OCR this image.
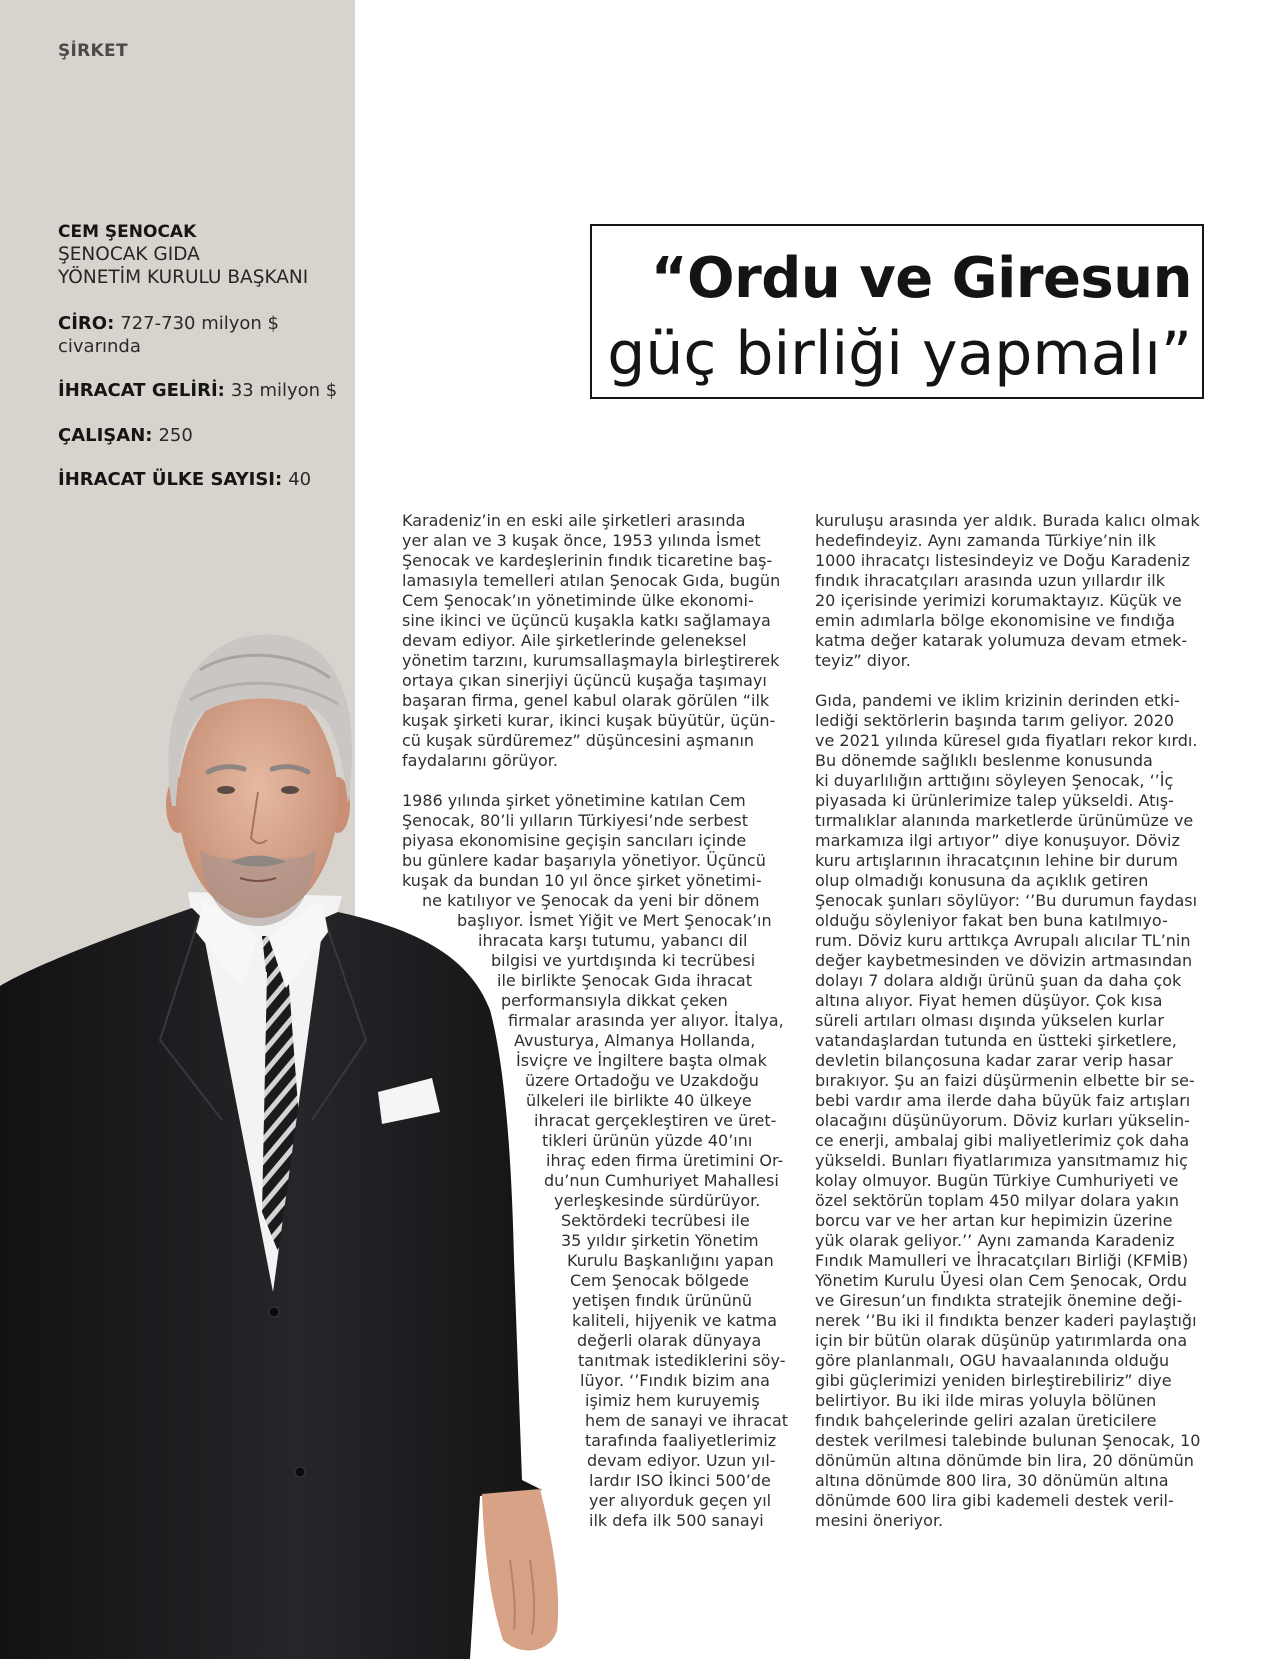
ŞİRKET
CEM ŞENOCAK
ŞENOCAK GIDA
YÖNETİM KURULU BAŞKANI
CİRO: 727-730 milyon $
civarında
İHRACAT GELİRİ: 33 milyon $
ÇALIŞAN: 250
İHRACAT ÜLKE SAYISI: 40
“Ordu ve Giresun
güç birliği yapmalı”
Karadeniz’in en eski aile şirketleri arasında
yer alan ve 3 kuşak önce, 1953 yılında İsmet
Şenocak ve kardeşlerinin fındık ticaretine baş-
lamasıyla temelleri atılan Şenocak Gıda, bugün
Cem Şenocak’ın yönetiminde ülke ekonomi-
sine ikinci ve üçüncü kuşakla katkı sağlamaya
devam ediyor. Aile şirketlerinde geleneksel
yönetim tarzını, kurumsallaşmayla birleştirerek
ortaya çıkan sinerjiyi üçüncü kuşağa taşımayı
başaran firma, genel kabul olarak görülen “ilk
kuşak şirketi kurar, ikinci kuşak büyütür, üçün-
cü kuşak sürdüremez” düşüncesini aşmanın
faydalarını görüyor.
1986 yılında şirket yönetimine katılan Cem
Şenocak, 80’li yılların Türkiyesi’nde serbest
piyasa ekonomisine geçişin sancıları içinde
bu günlere kadar başarıyla yönetiyor. Üçüncü
kuşak da bundan 10 yıl önce şirket yönetimi-
ne katılıyor ve Şenocak da yeni bir dönem
başlıyor. İsmet Yiğit ve Mert Şenocak’ın
ihracata karşı tutumu, yabancı dil
bilgisi ve yurtdışında ki tecrübesi
ile birlikte Şenocak Gıda ihracat
performansıyla dikkat çeken
firmalar arasında yer alıyor. İtalya,
Avusturya, Almanya Hollanda,
İsviçre ve İngiltere başta olmak
üzere Ortadoğu ve Uzakdoğu
ülkeleri ile birlikte 40 ülkeye
ihracat gerçekleştiren ve üret-
tikleri ürünün yüzde 40’ını
ihraç eden firma üretimini Or-
du’nun Cumhuriyet Mahallesi
yerleşkesinde sürdürüyor.
Sektördeki tecrübesi ile
35 yıldır şirketin Yönetim
Kurulu Başkanlığını yapan
Cem Şenocak bölgede
yetişen fındık ürününü
kaliteli, hijyenik ve katma
değerli olarak dünyaya
tanıtmak istediklerini söy-
lüyor. ‘’Fındık bizim ana
işimiz hem kuruyemiş
hem de sanayi ve ihracat
tarafında faaliyetlerimiz
devam ediyor. Uzun yıl-
lardır ISO İkinci 500’de
yer alıyorduk geçen yıl
ilk defa ilk 500 sanayi
kuruluşu arasında yer aldık. Burada kalıcı olmak
hedefindeyiz. Aynı zamanda Türkiye’nin ilk
1000 ihracatçı listesindeyiz ve Doğu Karadeniz
fındık ihracatçıları arasında uzun yıllardır ilk
20 içerisinde yerimizi korumaktayız. Küçük ve
emin adımlarla bölge ekonomisine ve fındığa
katma değer katarak yolumuza devam etmek-
teyiz” diyor.
Gıda, pandemi ve iklim krizinin derinden etki-
lediği sektörlerin başında tarım geliyor. 2020
ve 2021 yılında küresel gıda fiyatları rekor kırdı.
Bu dönemde sağlıklı beslenme konusunda
ki duyarlılığın arttığını söyleyen Şenocak, ‘’İç
piyasada ki ürünlerimize talep yükseldi. Atış-
tırmalıklar alanında marketlerde ürünümüze ve
markamıza ilgi artıyor” diye konuşuyor. Döviz
kuru artışlarının ihracatçının lehine bir durum
olup olmadığı konusuna da açıklık getiren
Şenocak şunları söylüyor: ‘’Bu durumun faydası
olduğu söyleniyor fakat ben buna katılmıyo-
rum. Döviz kuru arttıkça Avrupalı alıcılar TL’nin
değer kaybetmesinden ve dövizin artmasından
dolayı 7 dolara aldığı ürünü şuan da daha çok
altına alıyor. Fiyat hemen düşüyor. Çok kısa
süreli artıları olması dışında yükselen kurlar
vatandaşlardan tutunda en üstteki şirketlere,
devletin bilançosuna kadar zarar verip hasar
bırakıyor. Şu an faizi düşürmenin elbette bir se-
bebi vardır ama ilerde daha büyük faiz artışları
olacağını düşünüyorum. Döviz kurları yükselin-
ce enerji, ambalaj gibi maliyetlerimiz çok daha
yükseldi. Bunları fiyatlarımıza yansıtmamız hiç
kolay olmuyor. Bugün Türkiye Cumhuriyeti ve
özel sektörün toplam 450 milyar dolara yakın
borcu var ve her artan kur hepimizin üzerine
yük olarak geliyor.’’ Aynı zamanda Karadeniz
Fındık Mamulleri ve İhracatçıları Birliği (KFMİB)
Yönetim Kurulu Üyesi olan Cem Şenocak, Ordu
ve Giresun’un fındıkta stratejik önemine deği-
nerek ‘’Bu iki il fındıkta benzer kaderi paylaştığı
için bir bütün olarak düşünüp yatırımlarda ona
göre planlanmalı, OGU havaalanında olduğu
gibi güçlerimizi yeniden birleştirebiliriz” diye
belirtiyor. Bu iki ilde miras yoluyla bölünen
fındık bahçelerinde geliri azalan üreticilere
destek verilmesi talebinde bulunan Şenocak, 10
dönümün altına dönümde bin lira, 20 dönümün
altına dönümde 800 lira, 30 dönümün altına
dönümde 600 lira gibi kademeli destek veril-
mesini öneriyor.
